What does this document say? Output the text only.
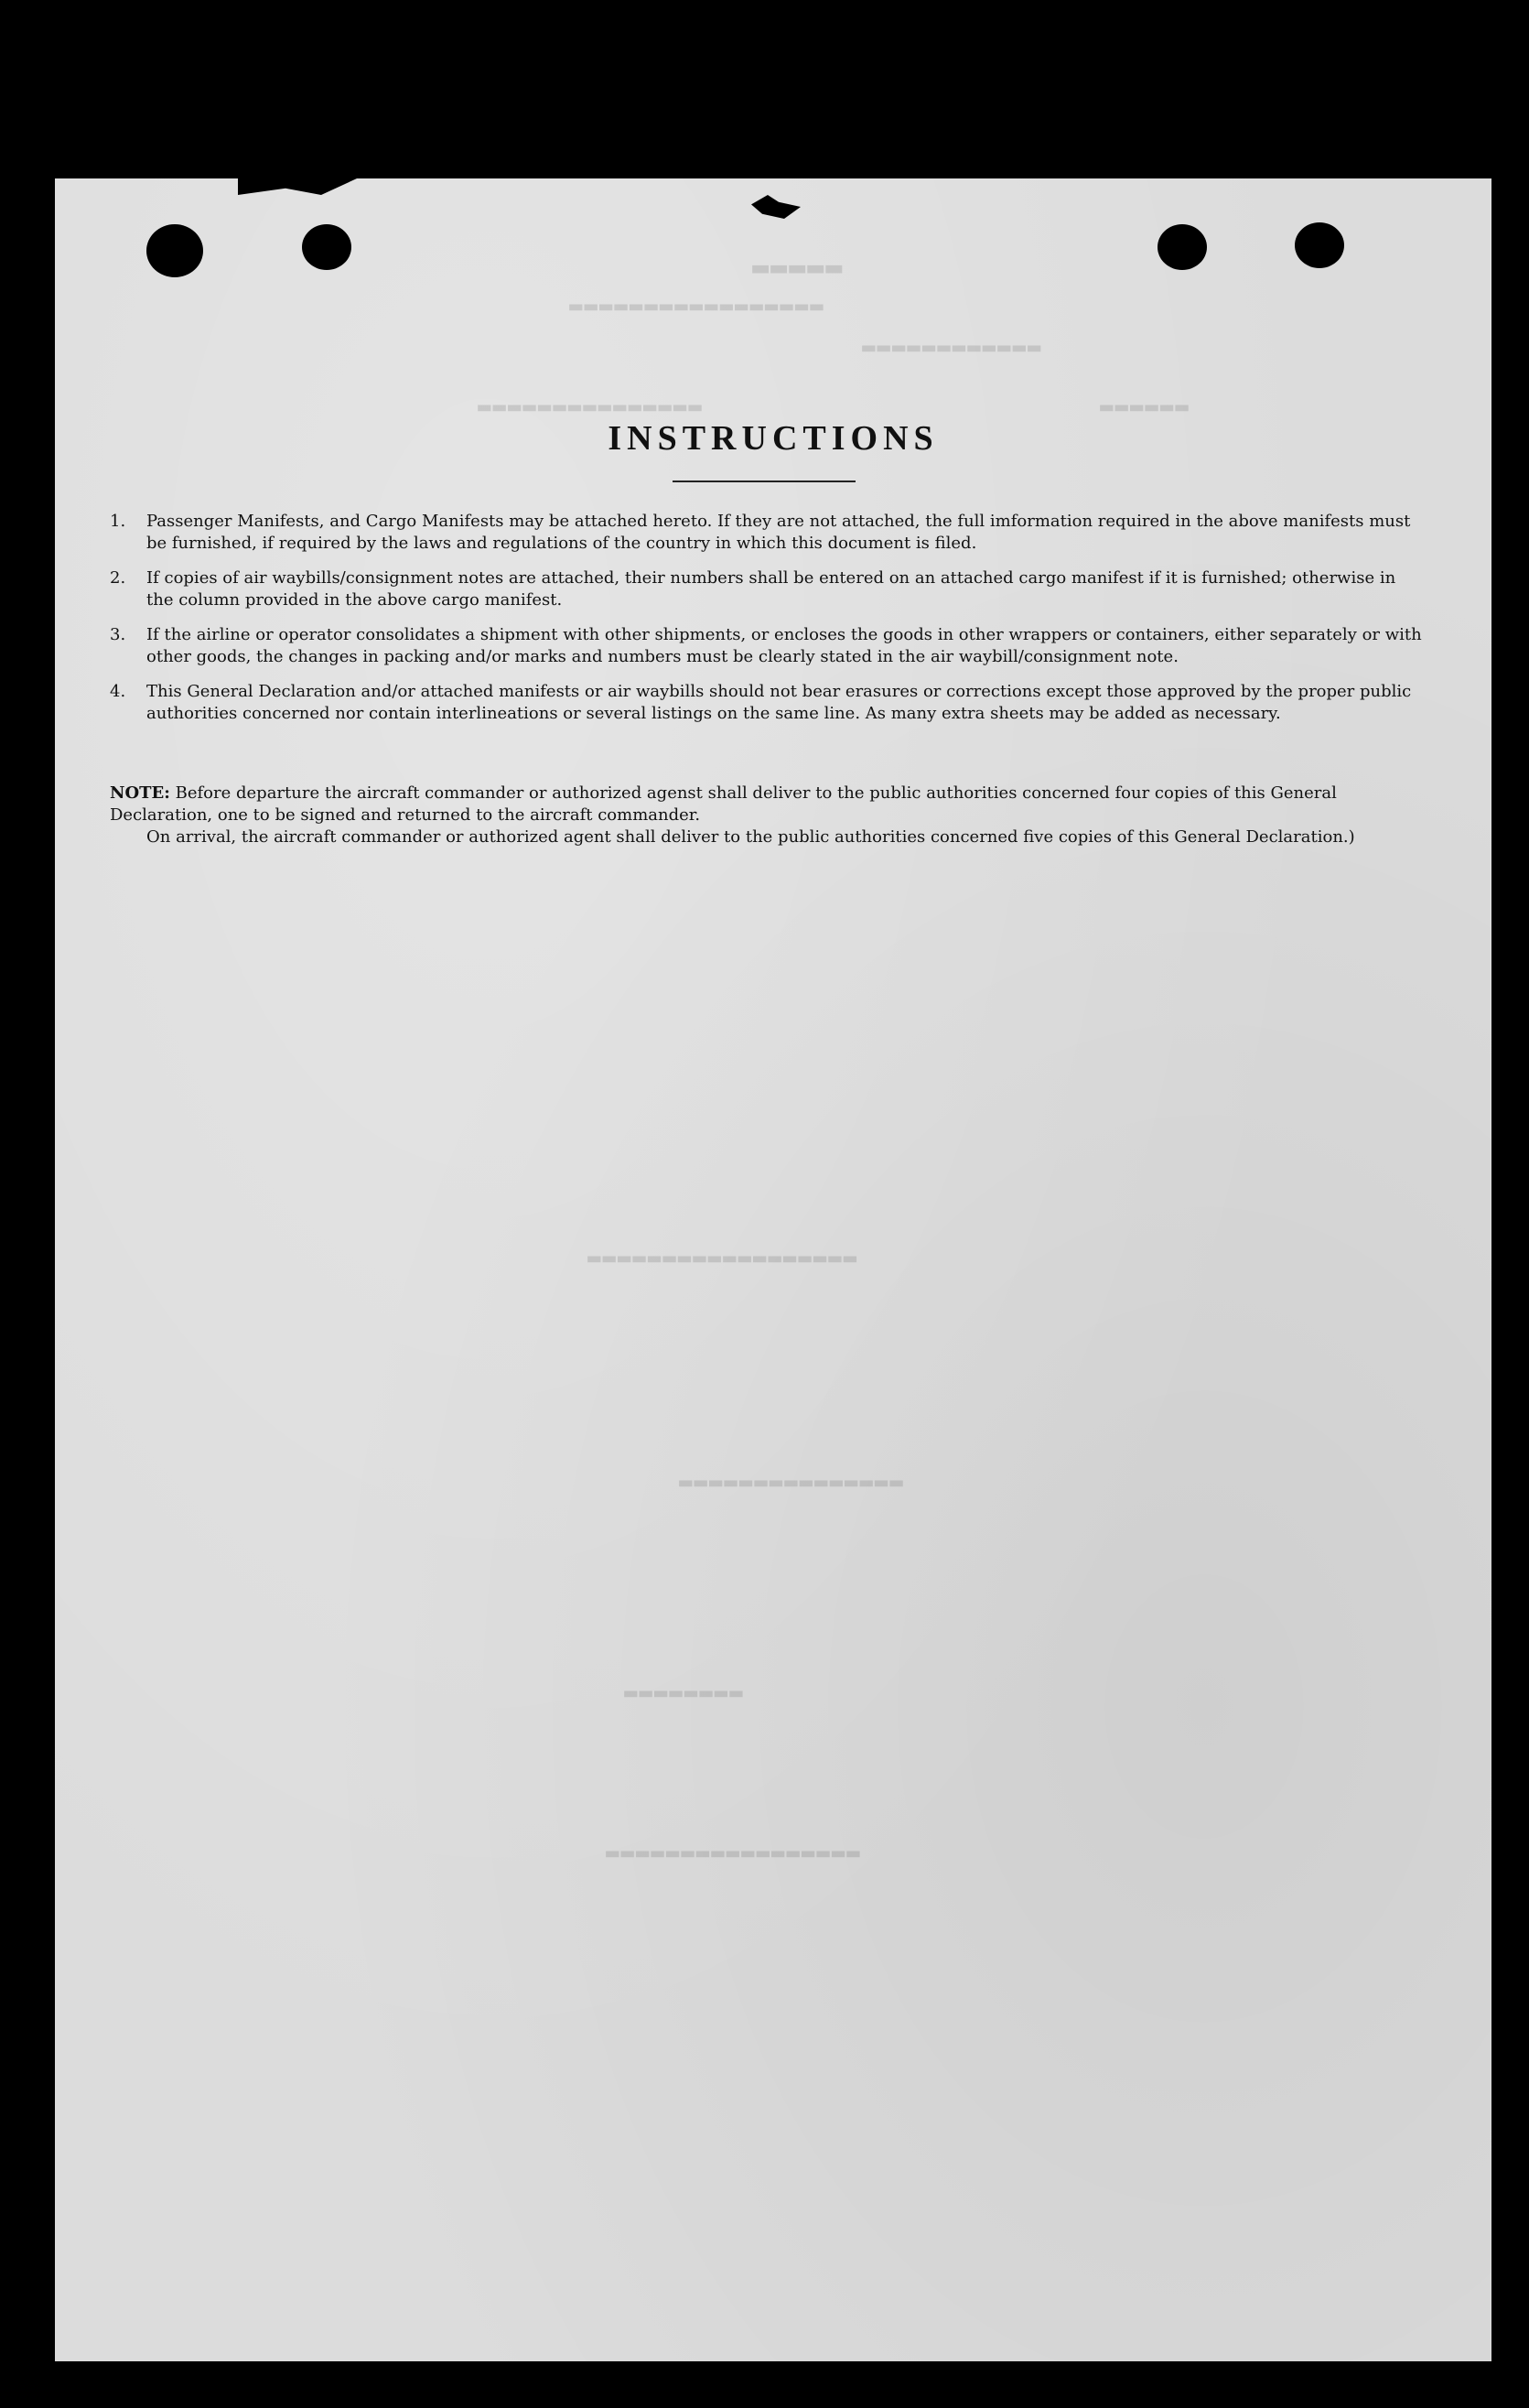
▬▬▬▬▬
▬▬▬▬▬▬▬▬▬▬▬▬▬▬▬▬▬
▬▬▬▬▬▬▬▬▬▬▬▬
▬▬▬▬▬▬▬▬▬▬▬▬▬▬▬	▬▬▬▬▬▬
▬▬▬▬▬▬▬▬▬▬▬▬▬▬▬▬▬▬
▬▬▬▬▬▬▬▬▬▬▬▬▬▬▬
▬▬▬▬▬▬▬▬
▬▬▬▬▬▬▬▬▬▬▬▬▬▬▬▬▬
INSTRUCTIONS
1.	Passenger Manifests, and Cargo Manifests may be attached hereto. If they are not attached, the full imformation required in the above manifests must be furnished, if required by the laws and regulations of the country in which this document is filed.
2.	If copies of air waybills/consignment notes are attached, their numbers shall be entered on an attached cargo manifest if it is furnished; otherwise in the column provided in the above cargo manifest.
3.	If the airline or operator consolidates a shipment with other shipments, or encloses the goods in other wrappers or containers, either separately or with other goods, the changes in packing and/or marks and numbers must be clearly stated in the air waybill/consignment note.
4.	This General Declaration and/or attached manifests or air waybills should not bear erasures or corrections except those approved by the proper public authorities concerned nor contain interlineations or several listings on the same line. As many extra sheets may be added as necessary.

NOTE: Before departure the aircraft commander or authorized agenst shall deliver to the public authorities concerned four copies of this General Declaration, one to be signed and returned to the aircraft commander.

On arrival, the aircraft commander or authorized agent shall deliver to the public authorities concerned five copies of this General Declaration.)
